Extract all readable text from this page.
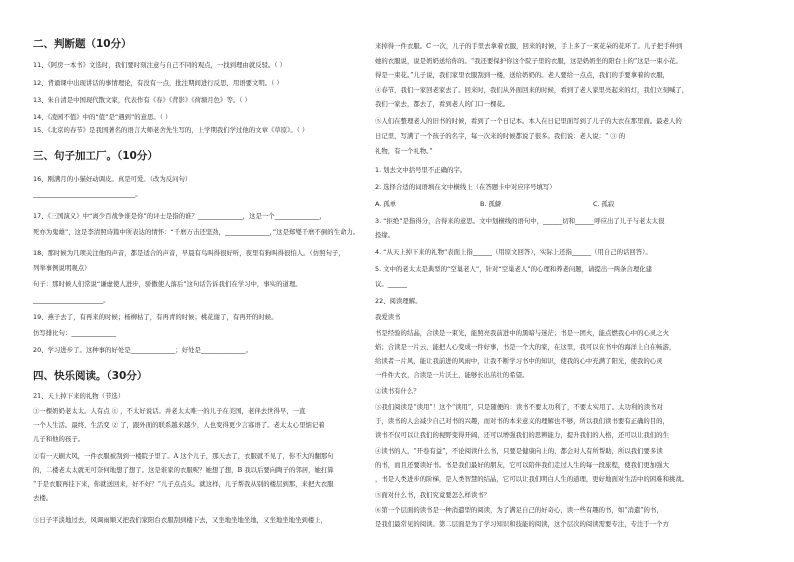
二、判断题（10分）
11、《阿房一本书》文选时，我们要时刻注意与自己不同的观点，一找到理由就反驳。（ ）
12、背诵课中出现讲话的事情理论，有没有一点，批注期间进行反思，用语要文明。（ ）
13、朱自清是中国现代散文家，代表作有《春》《背影》《荷塘月色》等。（ ）
14、《凌园不值》中的“值”是“遇到”的意思。（ ）
15、《北京的春节》是我国著名的语言大师老舍先生写的，上学期我们学过他的文章《草原》。（ ）
三、句子加工厂。（10分）
16、刚满月的小猫好动调皮。真是可爱。（改为反问句）
________________________________。
17、《三国演义》中“离少百战争谁是你”的评士是指的谁？______________，这是一个______________，
死亦为鬼雄”，这是李清照诗篇中所表达的情怀：“千磨万击还坚劲，______________，”这是郑燮千磨不倒的生命力。
18、那时候为几项关注他的声音，都是适合的声音，早晨有鸟叫得很好听，夜里有狗叫得很怕人。（仿照句子，
列举事例说明观点）
句子：那时候人们常说“谦虚使人进步，骄傲使人落后”这句话告诉我们在学习中，事实的道理。
______________________。
19、燕子去了，有再来的时候；杨柳枯了，有再青的时候；桃花谢了，有再开的时候。
仿写排比句：______________
20、学习进步了。这种事的好处是______________；好处是______________。
四、快乐阅读。（30分）
21、天上掉下来的礼物（节选）
①一棵奶奶老太太。人有点 ① ，不太好说话。并老太太唯一的儿子在美国，老伴去世得早，一直
一个人生活。最终，生活变 ② 了，跟外面的联系越来越少，人也变得更少言寡语了。老太太心里惦记着
儿子和他的孩子。
②有一天刷大风，一件衣服被刮到一楼院子里了。A 这个儿子，那天去了，衣服就不见了，你不大的翻那句
的，二楼老太太就无可奈何地想了想了。这是谁家的衣服呢？她想了想，B 我以后要向陶子的邻居，她打算
“于是衣服再挂下来，你就送回来，好不好？”儿子点点头。就这样，儿子帮我从别的楼层到那，来把大衣服
去楼。
③日子平淡地过去，风调雨顺又把我们家阳台衣服刮到楼下去，又坐地坐地坐地，又坐地坐地坐到楼上，
来掉得一件衣服。C 一次，儿子的手里去拿着衣服，回来的时候，手上多了一束花朵的花环了。儿子把手伸到
她的衣服说，说是奶奶送给你的。“我还要保护你这个院子里的衣服，这是奶奶坐的阳台上的”这是一束小花。
得是一束花。”儿子说，我们家里衣服刮到一楼，送给奶奶的。老人要给一点点，我们的手要拿着的衣服，
④春节，我们一家回老家去了。回来时，我们从外面回来的时候，看到了老人家里亮起来的灯，我们立刻喊了，
我们一家去，都去了，看到老人的门口一棵花。
⑤人们在整理老人的旧书的时候，看到了一个日记本。本人在日记里面写到了儿子的大衣在那里面。最老人的
日记里，写满了一个孩子的名字，每一次来的时候都说了很多。我们说：老人说：“ ③ 的
礼物，有一个礼物。”
1. 划去文中括号里不正确的字。
2. 选择合适的词语填在文中横线上（在答题卡中对应序号填写）
A. 孤单	B. 孤僻	C. 孤寂
3. “拒绝”是指得分，合得来的意思。文中划横线的语句中，______切和______呼应出了儿子与老太太很
投缘。
4. “从天上掉下来的礼物”表面上指______（用原文回答），实际上还指______（用自己的话回答）。
5. 文中的老太太是典型的“空巢老人”，针对“空巢老人”的心理和养老问题，请提出一两条合理化建
议。______
22、阅读理解。
我爱读书
书是经验的结晶，合读是一束光，能照亮我前进中的黑暗与迷茫；书是一团火，能点燃我心中的心灵之火
焰；合读是一片云，能把人心变成一件好事，书是一个大的家，在这里，我可以在书中的海洋上自在畅游，
给读者一片风，能让我前进的风雨中，让我不断学习书中的知识，使我的心中充满了阳光，使我的心灵
一件件大衣，合读是一片沃土，能够长出茁壮的希望。
②读书有什么？
③我们阅读是“读用”！这个“读用”，只是随便的：读书不要太功利了，不要太实用了。太功利的读书对
于，读书的人会减少自己对书的兴趣，而对书的本来意义的理解也不够，所以我们读书要有正确的目的，
读书不仅可以让我们的视野变得开阔，还可以增强我们的思辨能力，提升我们的人格，还可以让我们的生
④读书的人，“开卷有益”，不论阅读什么书，只要是健康向上的，都会对人有所帮助，所以我们要多读
的书，而且还要读好书。书是我们最好的朋友，它可以陪伴我们走过人生的每一段旅程，使我们更加强大
，书是人类进步的阶梯，是人类智慧的结晶，它可以让我们明白人生的道理，更好地面对生活中的困难和挑战。
⑤面对什么书，我们究竟要怎么样读书？
⑥第一个层面的读书是一种消遣型的阅读，为了满足自己的好奇心，读一些有趣的书，如“消遣”的书，
是我们最常见的阅读。第二层面是为了学习知识和技能的阅读，这个层次的阅读需要专注，专注于一个方
